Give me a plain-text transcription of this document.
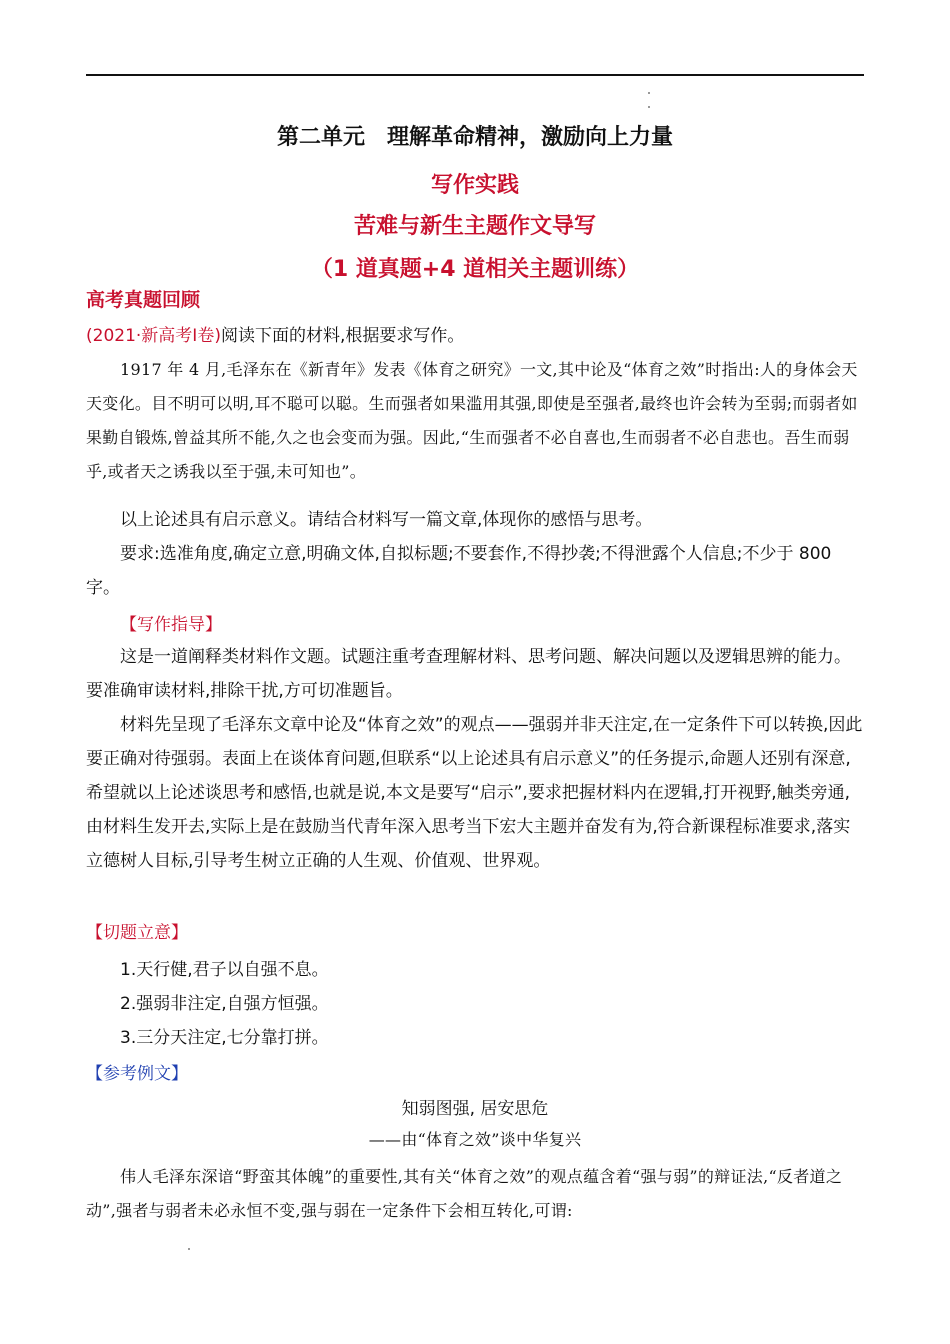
第二单元　理解革命精神，激励向上力量
写作实践
苦难与新生主题作文导写
（1 道真题+4 道相关主题训练）
高考真题回顾
(2021·新高考Ⅰ卷)阅读下面的材料,根据要求写作。

1917 年 4 月,毛泽东在《新青年》发表《体育之研究》一文,其中论及“体育之效”时指出:人的身体会天天变化。目不明可以明,耳不聪可以聪。生而强者如果滥用其强,即使是至强者,最终也许会转为至弱;而弱者如果勤自锻炼,曾益其所不能,久之也会变而为强。因此,“生而强者不必自喜也,生而弱者不必自悲也。吾生而弱乎,或者天之诱我以至于强,未可知也”。

以上论述具有启示意义。请结合材料写一篇文章,体现你的感悟与思考。

要求:选准角度,确定立意,明确文体,自拟标题;不要套作,不得抄袭;不得泄露个人信息;不少于 800 字。

【写作指导】

这是一道阐释类材料作文题。试题注重考查理解材料、思考问题、解决问题以及逻辑思辨的能力。要准确审读材料,排除干扰,方可切准题旨。

材料先呈现了毛泽东文章中论及“体育之效”的观点——强弱并非天注定,在一定条件下可以转换,因此要正确对待强弱。表面上在谈体育问题,但联系“以上论述具有启示意义”的任务提示,命题人还别有深意,希望就以上论述谈思考和感悟,也就是说,本文是要写“启示”,要求把握材料内在逻辑,打开视野,触类旁通,由材料生发开去,实际上是在鼓励当代青年深入思考当下宏大主题并奋发有为,符合新课程标准要求,落实立德树人目标,引导考生树立正确的人生观、价值观、世界观。

【切题立意】
1.天行健,君子以自强不息。
2.强弱非注定,自强方恒强。
3.三分天注定,七分靠打拼。
【参考例文】
知弱图强, 居安思危
——由“体育之效”谈中华复兴

伟人毛泽东深谙“野蛮其体魄”的重要性,其有关“体育之效”的观点蕴含着“强与弱”的辩证法,“反者道之动”,强者与弱者未必永恒不变,强与弱在一定条件下会相互转化,可谓:
